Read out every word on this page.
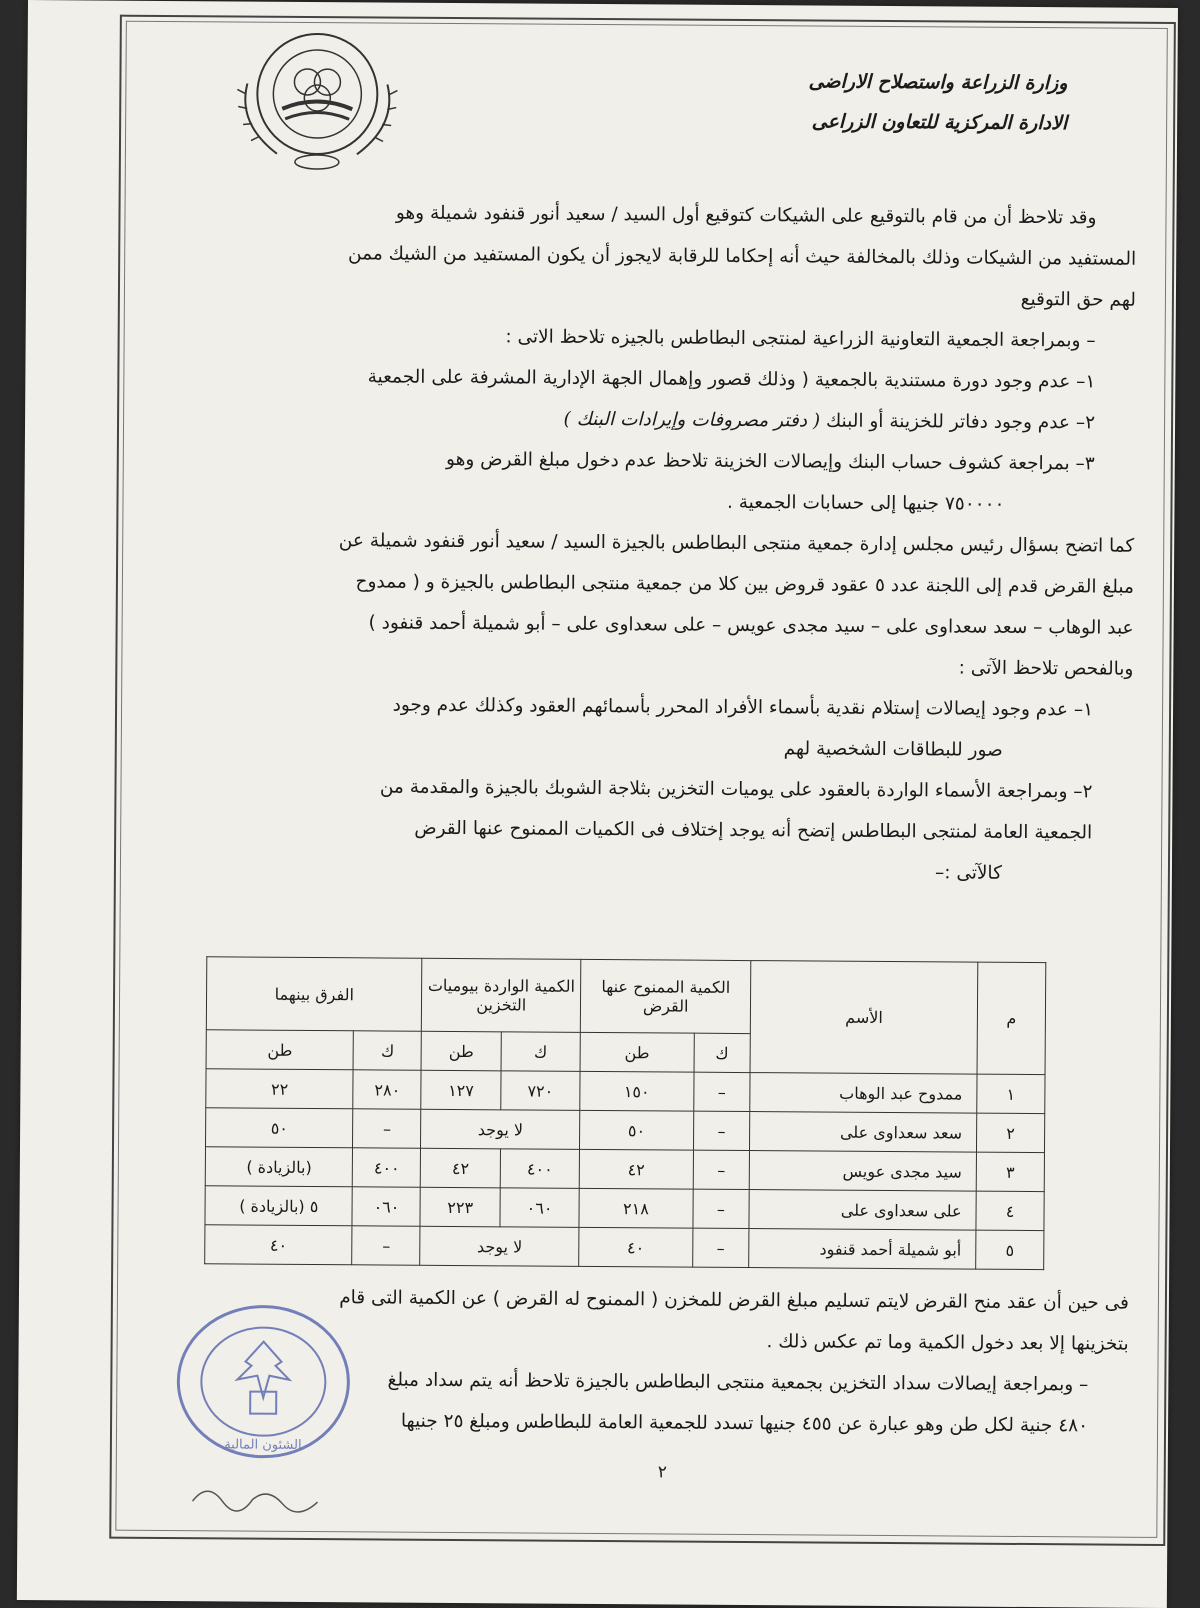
وزارة الزراعة واستصلاح الاراضى
الادارة المركزية للتعاون الزراعى
وقد تلاحظ أن من قام بالتوقيع على الشيكات كتوقيع أول السيد / سعيد أنور قنفود شميلة وهو
المستفيد من الشيكات وذلك بالمخالفة حيث أنه إحكاما للرقابة لايجوز أن يكون المستفيد من الشيك ممن
لهم حق التوقيع
– وبمراجعة الجمعية التعاونية الزراعية لمنتجى البطاطس بالجيزه تلاحظ الاتى :
١– عدم وجود دورة مستندية بالجمعية ( وذلك قصور وإهمال الجهة الإدارية المشرفة على الجمعية
٢– عدم وجود دفاتر للخزينة أو البنك ( دفتر مصروفات وإيرادات البنك )
٣– بمراجعة كشوف حساب البنك وإيصالات الخزينة تلاحظ عدم دخول مبلغ القرض وهو
٧٥٠٠٠٠ جنيها إلى حسابات الجمعية .
كما اتضح بسؤال رئيس مجلس إدارة جمعية منتجى البطاطس بالجيزة السيد / سعيد أنور قنفود شميلة عن
مبلغ القرض قدم إلى اللجنة عدد ٥ عقود قروض بين كلا من جمعية منتجى البطاطس بالجيزة و ( ممدوح
عبد الوهاب – سعد سعداوى على – سيد مجدى عويس – على سعداوى على – أبو شميلة أحمد قنفود )
وبالفحص تلاحظ الآتى :
١– عدم وجود إيصالات إستلام نقدية بأسماء الأفراد المحرر بأسمائهم العقود وكذلك عدم وجود
صور للبطاقات الشخصية لهم
٢– وبمراجعة الأسماء الواردة بالعقود على يوميات التخزين بثلاجة الشوبك بالجيزة والمقدمة من
الجمعية العامة لمنتجى البطاطس إتضح أنه يوجد إختلاف فى الكميات الممنوح عنها القرض
كالآتى :–
م	الأسم	الكمية الممنوح عنها القرض		الكمية الواردة بيوميات التخزين		الفرق بينهما	
		ك	طن	ك	طن	ك	طن
١	ممدوح عبد الوهاب	–	١٥٠	٧٢٠	١٢٧	٢٨٠	٢٢
٢	سعد سعداوى على	–	٥٠	لا يوجد		–	٥٠
٣	سيد مجدى عويس	–	٤٢	٤٠٠	٤٢	٤٠٠	(بالزيادة )
٤	على سعداوى على	–	٢١٨	٠٦٠	٢٢٣	٠٦٠	٥ (بالزيادة )
٥	أبو شميلة أحمد قنفود	–	٤٠	لا يوجد		–	٤٠
فى حين أن عقد منح القرض لايتم تسليم مبلغ القرض للمخزن ( الممنوح له القرض ) عن الكمية التى قام
بتخزينها إلا بعد دخول الكمية وما تم عكس ذلك .
– وبمراجعة إيصالات سداد التخزين بجمعية منتجى البطاطس بالجيزة تلاحظ أنه يتم سداد مبلغ
٤٨٠ جنية لكل طن وهو عبارة عن ٤٥٥ جنيها تسدد للجمعية العامة للبطاطس ومبلغ ٢٥ جنيها
الشئون المالية
٢
